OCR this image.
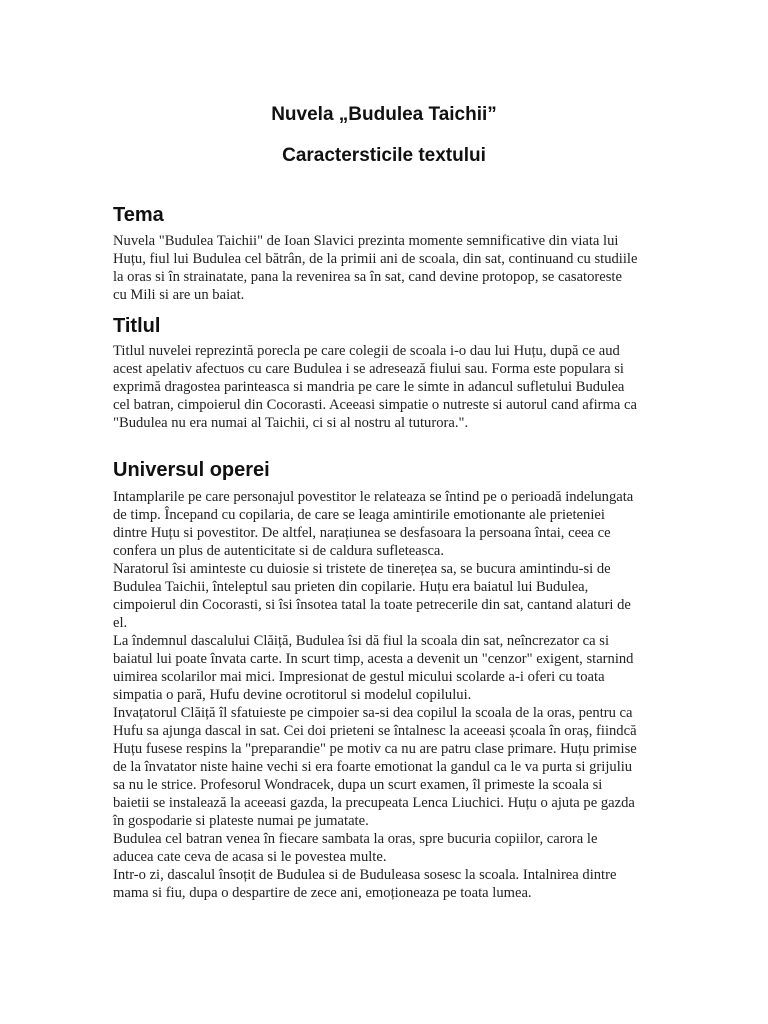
Nuvela „Budulea Taichii”
Caractersticile textului
Tema
Nuvela "Budulea Taichii" de Ioan Slavici prezinta momente semnificative din viata lui
Huțu, fiul lui Budulea cel bătrân, de la primii ani de scoala, din sat, continuand cu studiile
la oras si în strainatate, pana la revenirea sa în sat, cand devine protopop, se casatoreste
cu Mili si are un baiat.
Titlul
Titlul nuvelei reprezintă porecla pe care colegii de scoala i-o dau lui Huțu, după ce aud
acest apelativ afectuos cu care Budulea i se adresează fiului sau. Forma este populara si
exprimă dragostea parinteasca si mandria pe care le simte in adancul sufletului Budulea
cel batran, cimpoierul din Cocorasti. Aceeasi simpatie o nutreste si autorul cand afirma ca
"Budulea nu era numai al Taichii, ci si al nostru al tuturora.".
Universul operei
Intamplarile pe care personajul povestitor le relateaza se întind pe o perioadă indelungata
de timp. Începand cu copilaria, de care se leaga amintirile emotionante ale prieteniei
dintre Huțu si povestitor. De altfel, narațiunea se desfasoara la persoana întai, ceea ce
confera un plus de autenticitate si de caldura sufleteasca.
Naratorul îsi aminteste cu duiosie si tristete de tinerețea sa, se bucura amintindu-si de
Budulea Taichii, înteleptul sau prieten din copilarie. Huțu era baiatul lui Budulea,
cimpoierul din Cocorasti, si îsi însotea tatal la toate petrecerile din sat, cantand alaturi de
el.
La îndemnul dascalului Clăiță, Budulea îsi dă fiul la scoala din sat, neîncrezator ca si
baiatul lui poate învata carte. In scurt timp, acesta a devenit un "cenzor" exigent, starnind
uimirea scolarilor mai mici. Impresionat de gestul micului scolarde a-i oferi cu toata
simpatia o pară, Hufu devine ocrotitorul si modelul copilului.
Invațatorul Clăiță îl sfatuieste pe cimpoier sa-si dea copilul la scoala de la oras, pentru ca
Hufu sa ajunga dascal in sat. Cei doi prieteni se întalnesc la aceeasi școala în oraș, fiindcă
Huțu fusese respins la "preparandie" pe motiv ca nu are patru clase primare. Huțu primise
de la învatator niste haine vechi si era foarte emotionat la gandul ca le va purta si grijuliu
sa nu le strice. Profesorul Wondracek, dupa un scurt examen, îl primeste la scoala si
baietii se instalează la aceeasi gazda, la precupeata Lenca Liuchici. Huțu o ajuta pe gazda
în gospodarie si plateste numai pe jumatate.
Budulea cel batran venea în fiecare sambata la oras, spre bucuria copiilor, carora le
aducea cate ceva de acasa si le povestea multe.
Intr-o zi, dascalul însoțit de Budulea si de Buduleasa sosesc la scoala. Intalnirea dintre
mama si fiu, dupa o despartire de zece ani, emoționeaza pe toata lumea.
